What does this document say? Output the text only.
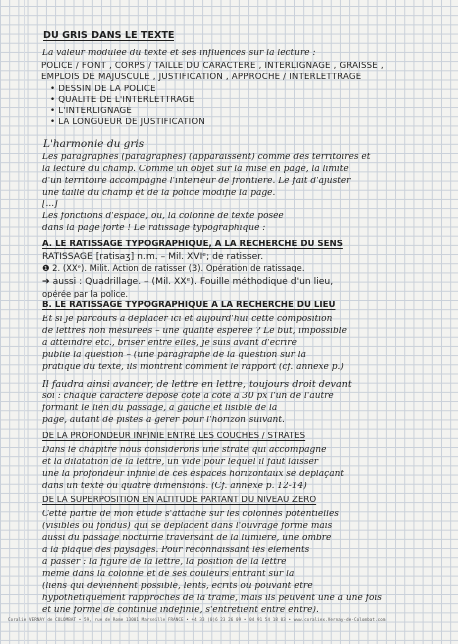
DU GRIS DANS LE TEXTE
La valeur modulée du texte et ses influences sur la lecture :
POLICE / FONT , CORPS / TAILLE DU CARACTÈRE , INTERLIGNAGE , GRAISSE ,
EMPLOIS DE MAJUSCULE , JUSTIFICATION , APPROCHE / INTERLETTRAGE
• DESSIN DE LA POLICE
• QUALITÉ DE L'INTERLETTRAGE
• L'INTERLIGNAGE
• LA LONGUEUR DE JUSTIFICATION
L'harmonie du gris
Les paragraphes (paragraphes) (apparaissent) comme des territoires et
la lecture du champ. Comme un objet sur la mise en page, la limite
d'un territoire accompagne l'intérieur de frontière. Le fait d'ajuster
une taille du champ et de la police modifie la page.
[...]
Les fonctions d'espace, ou, la colonne de texte posée
dans la page forte ! Le ratissage typographique :
A. LE RATISSAGE TYPOGRAPHIQUE, À LA RECHERCHE DU SENS
RATISSAGE [ratisaʒ] n.m. – Mil. XVIᵉ; de ratisser.
❶ 2. (XXᵉ). Milit. Action de ratisser (3). Opération de ratissage.
➔ aussi : Quadrillage. – (Mil. XXᵉ). Fouille méthodique d'un lieu,
opérée par la police.
B. LE RATISSAGE TYPOGRAPHIQUE À LA RECHERCHE DU LIEU
Et si je parcours à déplacer ici et aujourd'hui cette composition
de lettres non mesurées – une qualité espérée ? Le but, impossible
à atteindre etc., briser entre elles, je suis avant d'écrire
publié la question – (une paragraphe de la question sur la
pratique du texte, ils montrent comment le rapport (cf. annexe p.)
Il faudra ainsi avancer, de lettre en lettre, toujours droit devant
soi : chaque caractère déposé côte à côte à 30 px l'un de l'autre
formant le lien du passage, à gauche et lisible de la
page, autant de pistes à gérer pour l'horizon suivant.
DE LA PROFONDEUR INFINIE ENTRE LES COUCHES / STRATES
Dans le chapitre nous considérons une strate qui accompagne
et la dilatation de la lettre, un vide pour lequel il faut laisser
une la profondeur infinie de ces espaces horizontaux se déplaçant
dans un texte ou quatre dimensions. (Cf. annexe p. 12-14)
DE LA SUPERPOSITION EN ALTITUDE PARTANT DU NIVEAU ZÉRO
Cette partie de mon étude s'attache sur les colonnes potentielles
(visibles ou fondus) qui se déplacent dans l'ouvrage formé mais
aussi du passage nocturne traversant de la lumière, une ombre
à la plaque des paysages. Pour reconnaissant les éléments
à passer : la figure de la lettre, la position de la lettre
même dans la colonne et de ses couleurs entrant sur la
(liens qui deviennent possible, lents, écrits ou pouvant être
hypothétiquement rapprochés de la trame, mais ils peuvent une à une fois
et une forme de continue indéfinie, s'entretient entre entre).
Coralie VERNAY de COLOMBAT • 59, rue de Rome 13001 Marseille FRANCE • +4 33 (0)6 23 26 09 • 04 91 54 18 03 • www.coraliex.Vernay-de-Colombat.com
